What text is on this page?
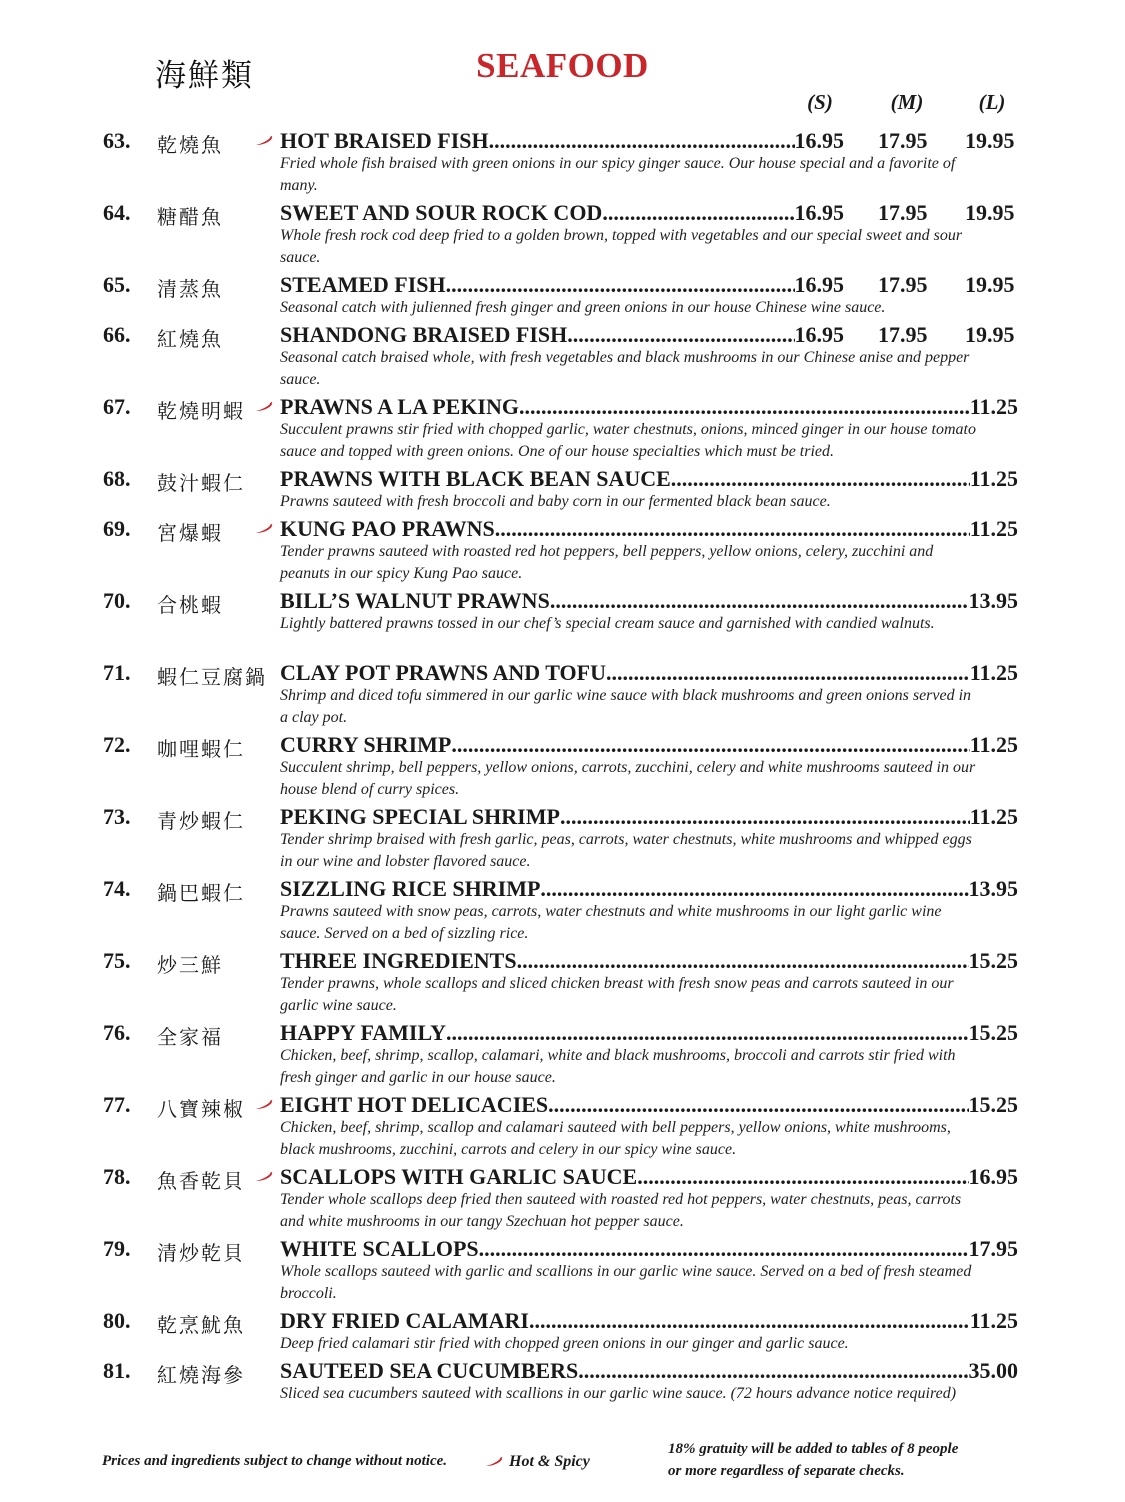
海鮮類	SEAFOOD
(S)	(M)	(L)
63. 乾燒魚	HOT BRAISED FISH .....	16.95 17.95 19.95
Fried whole fish braised with green onions in our spicy ginger sauce. Our house special and a favorite of many.
64. 糖醋魚	SWEET AND SOUR ROCK COD .....	16.95 17.95 19.95
Whole fresh rock cod deep fried to a golden brown, topped with vegetables and our special sweet and sour sauce.
65. 清蒸魚	STEAMED FISH .....	16.95 17.95 19.95
Seasonal catch with julienned fresh ginger and green onions in our house Chinese wine sauce.
66. 紅燒魚	SHANDONG BRAISED FISH .....	16.95 17.95 19.95
Seasonal catch braised whole, with fresh vegetables and black mushrooms in our Chinese anise and pepper sauce.
67. 乾燒明蝦 PRAWNS A LA PEKING .....	11.25
Succulent prawns stir fried with chopped garlic, water chestnuts, onions, minced ginger in our house tomato sauce and topped with green onions. One of our house specialties which must be tried.
68. 鼓汁蝦仁 PRAWNS WITH BLACK BEAN SAUCE .....	11.25
Prawns sauteed with fresh broccoli and baby corn in our fermented black bean sauce.
69. 宮爆蝦	KUNG PAO PRAWNS .....	11.25
Tender prawns sauteed with roasted red hot peppers, bell peppers, yellow onions, celery, zucchini and peanuts in our spicy Kung Pao sauce.
70. 合桃蝦	BILL’S WALNUT PRAWNS .....	13.95
Lightly battered prawns tossed in our chef’s special cream sauce and garnished with candied walnuts.
71. 蝦仁豆腐鍋 CLAY POT PRAWNS AND TOFU .....	11.25
Shrimp and diced tofu simmered in our garlic wine sauce with black mushrooms and green onions served in a clay pot.
72. 咖哩蝦仁 CURRY SHRIMP .....	11.25
Succulent shrimp, bell peppers, yellow onions, carrots, zucchini, celery and white mushrooms sauteed in our house blend of curry spices.
73. 青炒蝦仁 PEKING SPECIAL SHRIMP .....	11.25
Tender shrimp braised with fresh garlic, peas, carrots, water chestnuts, white mushrooms and whipped eggs in our wine and lobster flavored sauce.
74. 鍋巴蝦仁 SIZZLING RICE SHRIMP .....	13.95
Prawns sauteed with snow peas, carrots, water chestnuts and white mushrooms in our light garlic wine sauce. Served on a bed of sizzling rice.
75. 炒三鮮	THREE INGREDIENTS .....	15.25
Tender prawns, whole scallops and sliced chicken breast with fresh snow peas and carrots sauteed in our garlic wine sauce.
76. 全家福	HAPPY FAMILY .....	15.25
Chicken, beef, shrimp, scallop, calamari, white and black mushrooms, broccoli and carrots stir fried with fresh ginger and garlic in our house sauce.
77. 八寶辣椒 EIGHT HOT DELICACIES .....	15.25
Chicken, beef, shrimp, scallop and calamari sauteed with bell peppers, yellow onions, white mushrooms, black mushrooms, zucchini, carrots and celery in our spicy wine sauce.
78. 魚香乾貝 SCALLOPS WITH GARLIC SAUCE .....	16.95
Tender whole scallops deep fried then sauteed with roasted red hot peppers, water chestnuts, peas, carrots and white mushrooms in our tangy Szechuan hot pepper sauce.
79. 清炒乾貝 WHITE SCALLOPS .....	17.95
Whole scallops sauteed with garlic and scallions in our garlic wine sauce. Served on a bed of fresh steamed broccoli.
80. 乾烹魷魚 DRY FRIED CALAMARI .....	11.25
Deep fried calamari stir fried with chopped green onions in our ginger and garlic sauce.
81. 紅燒海參 SAUTEED SEA CUCUMBERS .....	35.00
Sliced sea cucumbers sauteed with scallions in our garlic wine sauce. (72 hours advance notice required)
Prices and ingredients subject to change without notice.	Hot & Spicy
18% gratuity will be added to tables of 8 people
or more regardless of separate checks.
